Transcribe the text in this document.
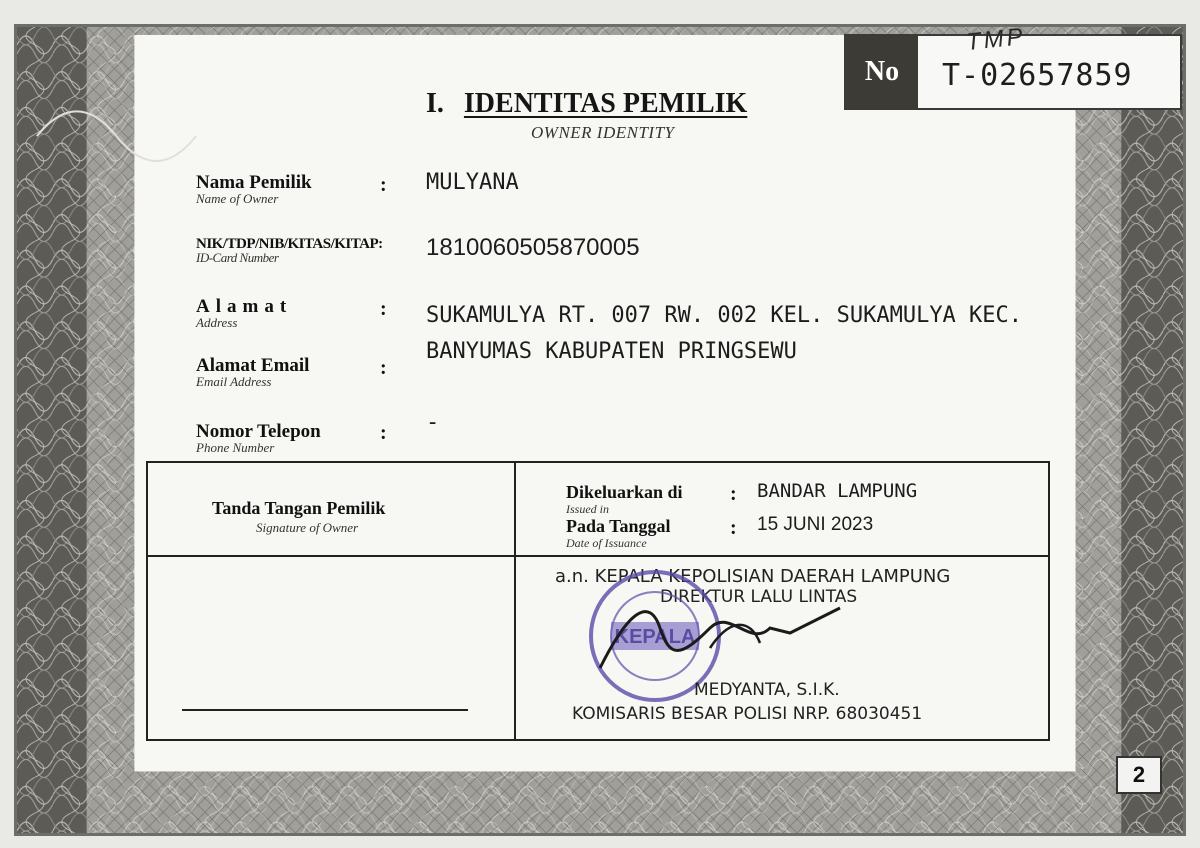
No	T-02657859
TMP
I. IDENTITAS PEMILIK
OWNER IDENTITY
Nama Pemilik
Name of Owner
: MULYANA
NIK/TDP/NIB/KITAS/KITAP:
ID-Card Number	1810060505870005
Alamat
Address
: SUKAMULYA RT. 007 RW. 002 KEL. SUKAMULYA KEC.
BANYUMAS KABUPATEN PRINGSEWU
Alamat Email
Email Address
:
Nomor Telepon
Phone Number
: -
Tanda Tangan Pemilik
Signature of Owner
Dikeluarkan di
Issued in
: BANDAR LAMPUNG
Pada Tanggal
Date of Issuance
: 15 JUNI 2023
a.n. KEPALA KEPOLISIAN DAERAH LAMPUNG
DIREKTUR LALU LINTAS
KEPALA
MEDYANTA, S.I.K.
KOMISARIS BESAR POLISI NRP. 68030451
2
